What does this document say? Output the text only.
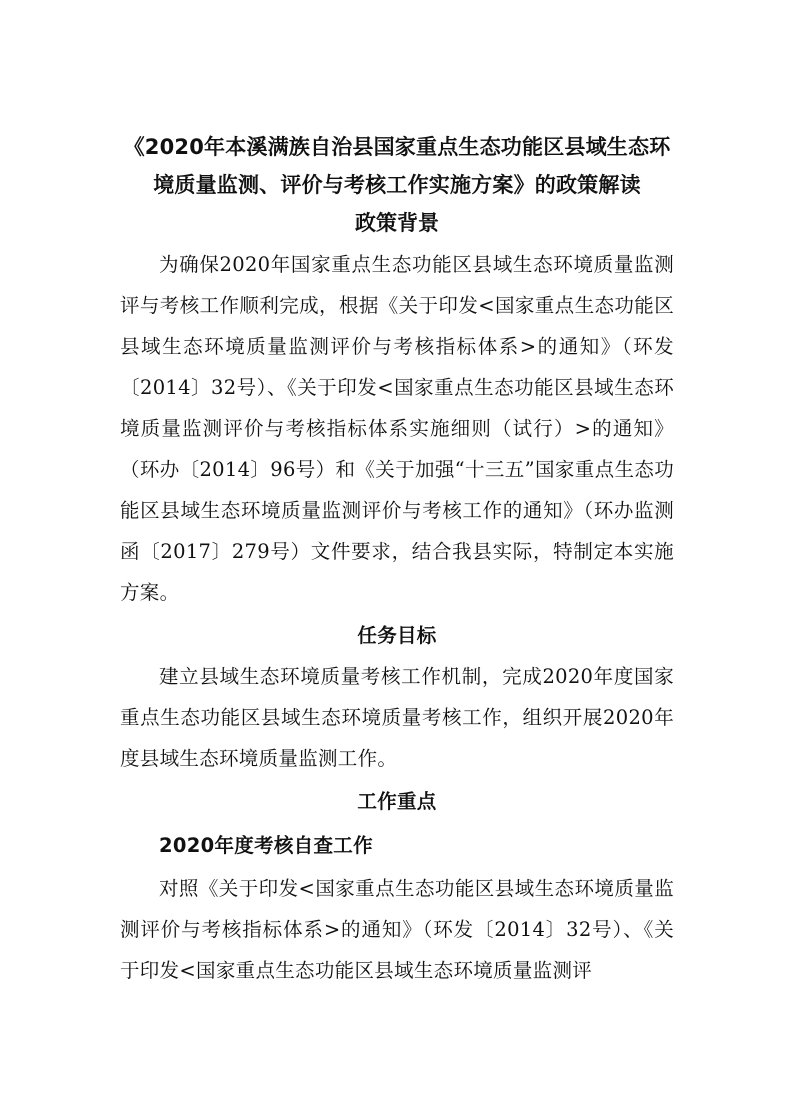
《2020年本溪满族自治县国家重点生态功能区县域生态环境质量监测、评价与考核工作实施方案》的政策解读
政策背景

为确保2020年国家重点生态功能区县域生态环境质量监测评与考核工作顺利完成，根据《关于印发<国家重点生态功能区县域生态环境质量监测评价与考核指标体系>的通知》（环发〔2014〕32号）、《关于印发<国家重点生态功能区县域生态环境质量监测评价与考核指标体系实施细则（试行）>的通知》（环办〔2014〕96号）和《关于加强“十三五”国家重点生态功能区县域生态环境质量监测评价与考核工作的通知》（环办监测函〔2017〕279号）文件要求，结合我县实际，特制定本实施方案。

任务目标

建立县域生态环境质量考核工作机制，完成2020年度国家重点生态功能区县域生态环境质量考核工作，组织开展2020年度县域生态环境质量监测工作。

工作重点
2020年度考核自查工作

对照《关于印发<国家重点生态功能区县域生态环境质量监测评价与考核指标体系>的通知》（环发〔2014〕32号）、《关于印发<国家重点生态功能区县域生态环境质量监测评
